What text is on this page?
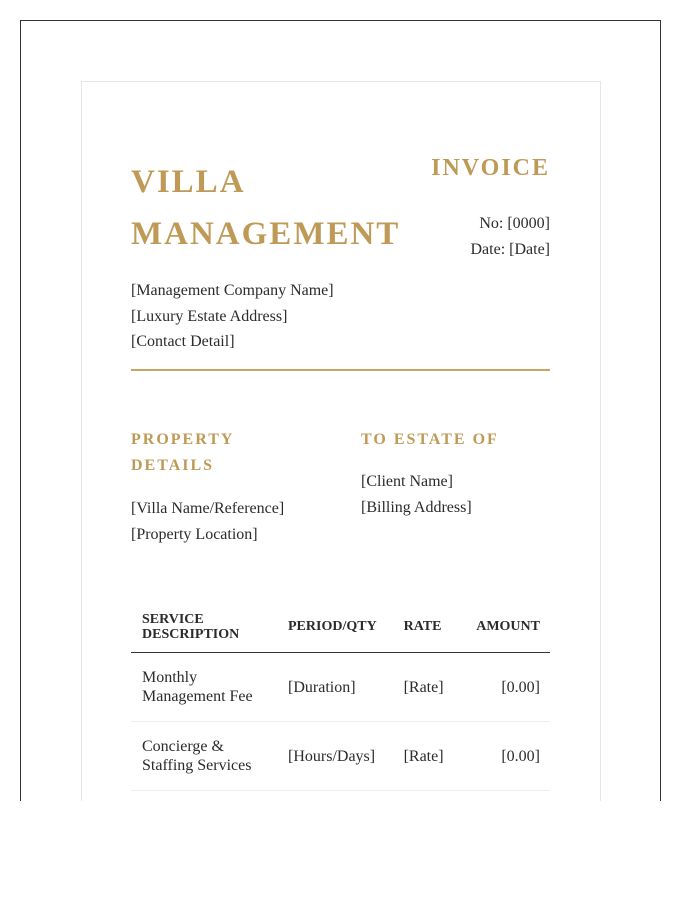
VILLA
MANAGEMENT
INVOICE
No: [0000]
Date: [Date]
[Management Company Name]
[Luxury Estate Address]
[Contact Detail]

PROPERTY
DETAILS

[Villa Name/Reference]
[Property Location]

TO ESTATE OF

[Client Name]
[Billing Address]
SERVICE
DESCRIPTION	PERIOD/QTY	RATE	AMOUNT
Monthly
Management Fee	[Duration]	[Rate]	[0.00]
Concierge &
Staffing Services	[Hours/Days]	[Rate]	[0.00]
